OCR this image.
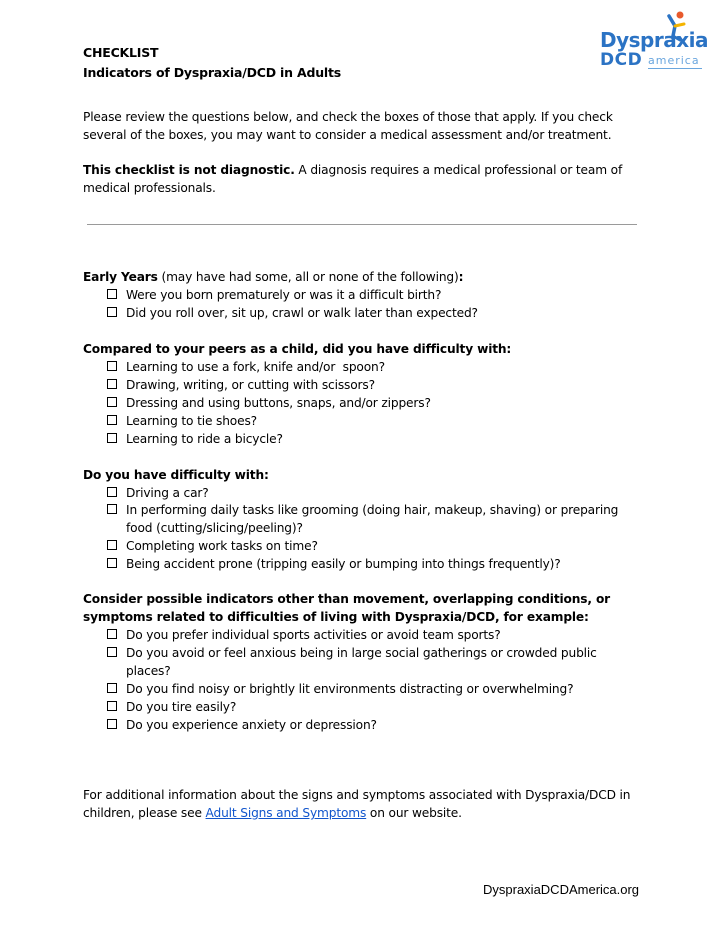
CHECKLIST
Indicators of Dyspraxia/DCD in Adults
Dyspraxia
DCD america
Please review the questions below, and check the boxes of those that apply. If you check several of the boxes, you may want to consider a medical assessment and/or treatment.
This checklist is not diagnostic. A diagnosis requires a medical professional or team of medical professionals.
Early Years (may have had some, all or none of the following):
Were you born prematurely or was it a difficult birth?
Did you roll over, sit up, crawl or walk later than expected?
Compared to your peers as a child, did you have difficulty with:
Learning to use a fork, knife and/or  spoon?
Drawing, writing, or cutting with scissors?
Dressing and using buttons, snaps, and/or zippers?
Learning to tie shoes?
Learning to ride a bicycle?
Do you have difficulty with:
Driving a car?
In performing daily tasks like grooming (doing hair, makeup, shaving) or preparing food (cutting/slicing/peeling)?
Completing work tasks on time?
Being accident prone (tripping easily or bumping into things frequently)?
Consider possible indicators other than movement, overlapping conditions, or symptoms related to difficulties of living with Dyspraxia/DCD, for example:
Do you prefer individual sports activities or avoid team sports?
Do you avoid or feel anxious being in large social gatherings or crowded public places?
Do you find noisy or brightly lit environments distracting or overwhelming?
Do you tire easily?
Do you experience anxiety or depression?
For additional information about the signs and symptoms associated with Dyspraxia/DCD in children, please see Adult Signs and Symptoms on our website.
DyspraxiaDCDAmerica.org
